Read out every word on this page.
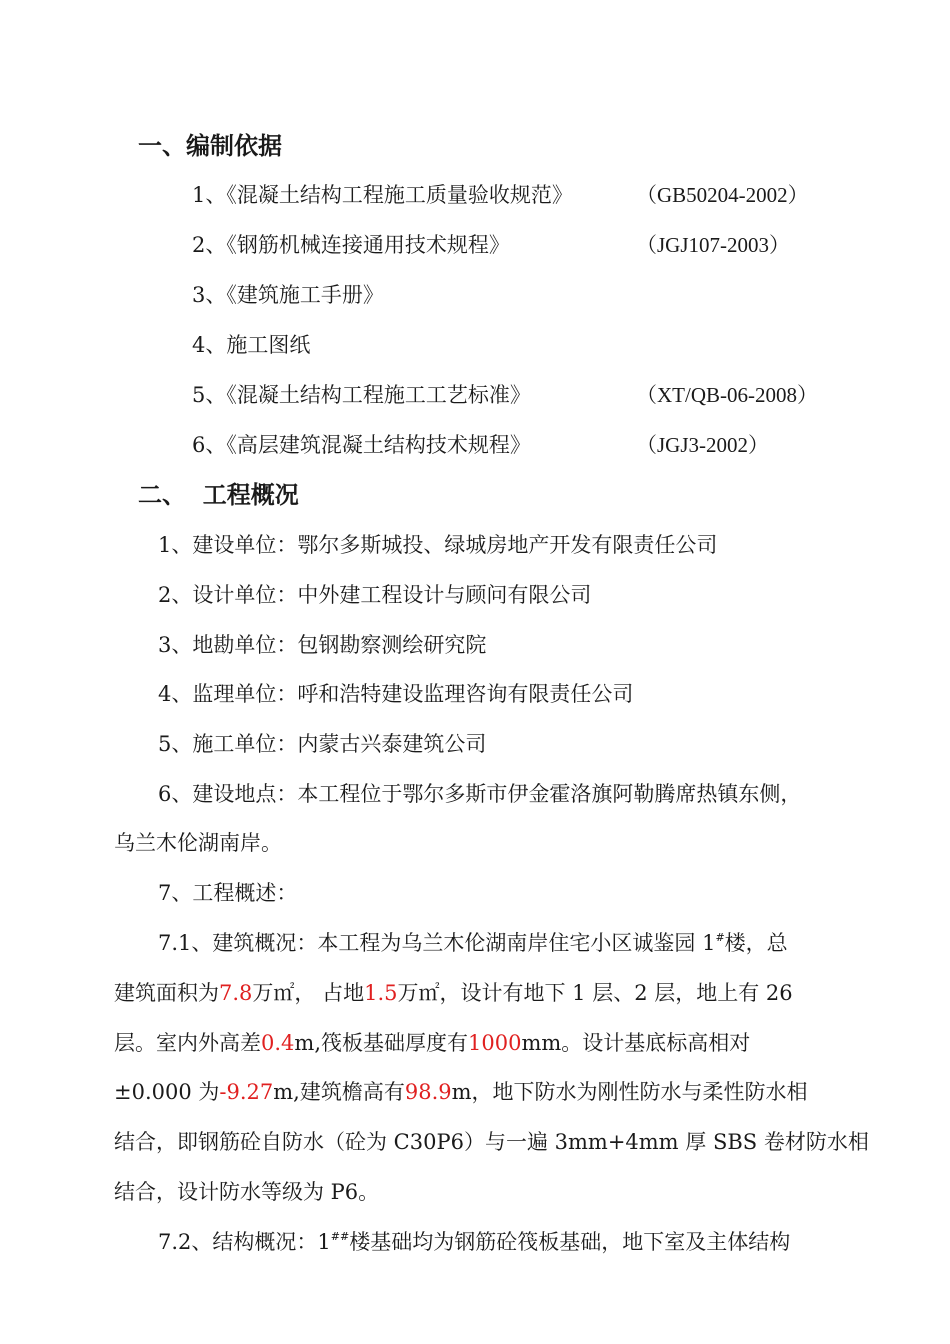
一、编制依据
1、《混凝土结构工程施工质量验收规范》	（GB50204-2002）
2、《钢筋机械连接通用技术规程》	（JGJ107-2003）
3、《建筑施工手册》
4、施工图纸
5、《混凝土结构工程施工工艺标准》	（XT/QB-06-2008）
6、《高层建筑混凝土结构技术规程》	（JGJ3-2002）
二、  工程概况
1、建设单位：鄂尔多斯城投、绿城房地产开发有限责任公司
2、设计单位：中外建工程设计与顾问有限公司
3、地勘单位：包钢勘察测绘研究院
4、监理单位：呼和浩特建设监理咨询有限责任公司
5、施工单位：内蒙古兴泰建筑公司
6、建设地点：本工程位于鄂尔多斯市伊金霍洛旗阿勒腾席热镇东侧，
乌兰木伦湖南岸。
7、工程概述：
7.1、建筑概况：本工程为乌兰木伦湖南岸住宅小区诚鉴园 1#楼，总
建筑面积为7.8万㎡， 占地1.5万㎡，设计有地下 1 层、2 层，地上有 26
层。室内外高差0.4m,筏板基础厚度有1000mm。设计基底标高相对
±0.000 为-9.27m,建筑檐高有98.9m，地下防水为刚性防水与柔性防水相
结合，即钢筋砼自防水（砼为 C30P6）与一遍 3mm+4mm 厚 SBS 卷材防水相
结合，设计防水等级为 P6。
7.2、结构概况：1##楼基础均为钢筋砼筏板基础，地下室及主体结构
